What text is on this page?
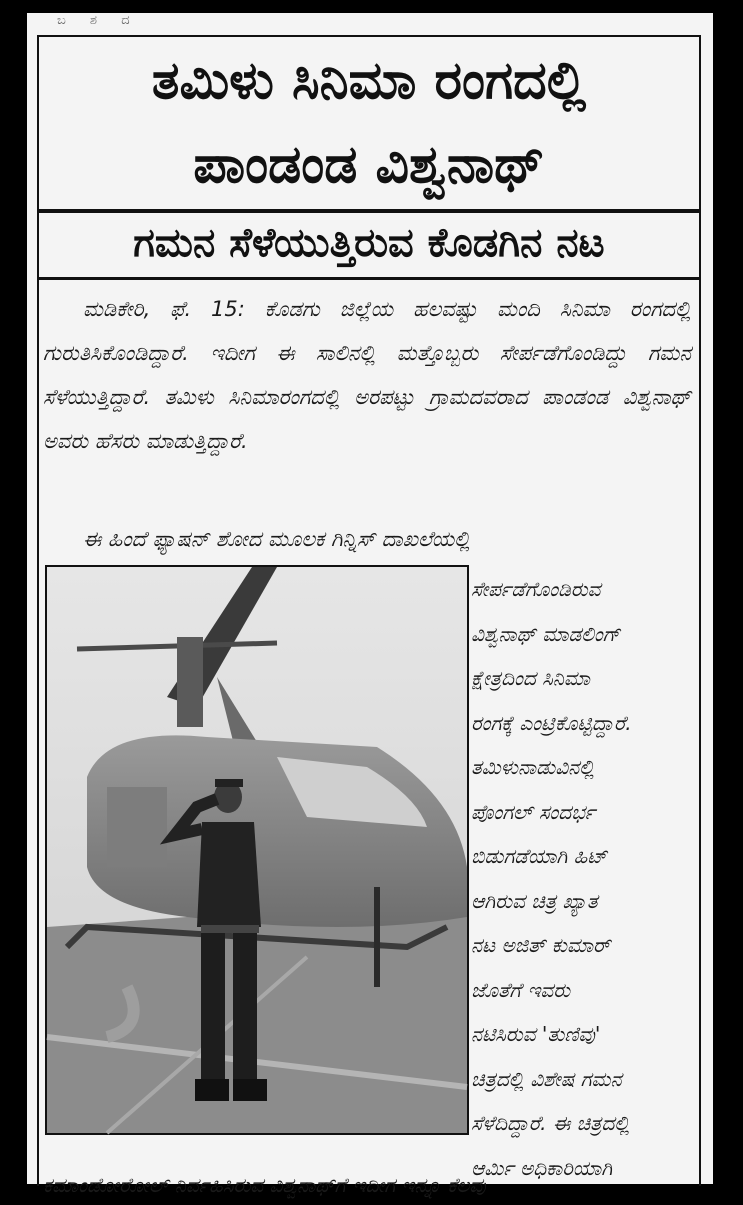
ಬ ಶ ದ
ತಮಿಳು ಸಿನಿಮಾ ರಂಗದಲ್ಲಿ
ಪಾಂಡಂಡ ವಿಶ್ವನಾಥ್
ಗಮನ ಸೆಳೆಯುತ್ತಿರುವ ಕೊಡಗಿನ ನಟ
ಮಡಿಕೇರಿ, ಫೆ. 15: ಕೊಡಗು ಜಿಲ್ಲೆಯ ಹಲವಷ್ಟು ಮಂದಿ ಸಿನಿಮಾ ರಂಗದಲ್ಲಿ ಗುರುತಿಸಿಕೊಂಡಿದ್ದಾರೆ. ಇದೀಗ ಈ ಸಾಲಿನಲ್ಲಿ ಮತ್ತೊಬ್ಬರು ಸೇರ್ಪಡೆಗೊಂಡಿದ್ದು ಗಮನ ಸೆಳೆಯುತ್ತಿದ್ದಾರೆ. ತಮಿಳು ಸಿನಿಮಾರಂಗದಲ್ಲಿ ಅರಪಟ್ಟು ಗ್ರಾಮದವರಾದ ಪಾಂಡಂಡ ವಿಶ್ವನಾಥ್ ಅವರು ಹೆಸರು ಮಾಡುತ್ತಿದ್ದಾರೆ.
ಈ ಹಿಂದೆ ಫ್ಯಾಷನ್ ಶೋದ ಮೂಲಕ ಗಿನ್ನಿಸ್ ದಾಖಲೆಯಲ್ಲಿ
ಸೇರ್ಪಡೆಗೊಂಡಿರುವ
ವಿಶ್ವನಾಥ್ ಮಾಡಲಿಂಗ್
ಕ್ಷೇತ್ರದಿಂದ ಸಿನಿಮಾ
ರಂಗಕ್ಕೆ ಎಂಟ್ರಿಕೊಟ್ಟಿದ್ದಾರೆ.
ತಮಿಳುನಾಡುವಿನಲ್ಲಿ
ಪೊಂಗಲ್ ಸಂದರ್ಭ
ಬಿಡುಗಡೆಯಾಗಿ ಹಿಟ್
ಆಗಿರುವ ಚಿತ್ರ ಖ್ಯಾತ
ನಟ ಅಜಿತ್ ಕುಮಾರ್
ಜೊತೆಗೆ ಇವರು
ನಟಿಸಿರುವ 'ತುಣಿವು'
ಚಿತ್ರದಲ್ಲಿ ವಿಶೇಷ ಗಮನ
ಸೆಳೆದಿದ್ದಾರೆ. ಈ ಚಿತ್ರದಲ್ಲಿ
ಆರ್ಮಿ ಅಧಿಕಾರಿಯಾಗಿ
ಕಮಾಂಡೋರೋಲ್ ನಿರ್ವಹಿಸಿರುವ ವಿಶ್ವನಾಥ್‌ಗೆ ಇದೀಗ ಇನ್ನೂ ಕೆಲವು
